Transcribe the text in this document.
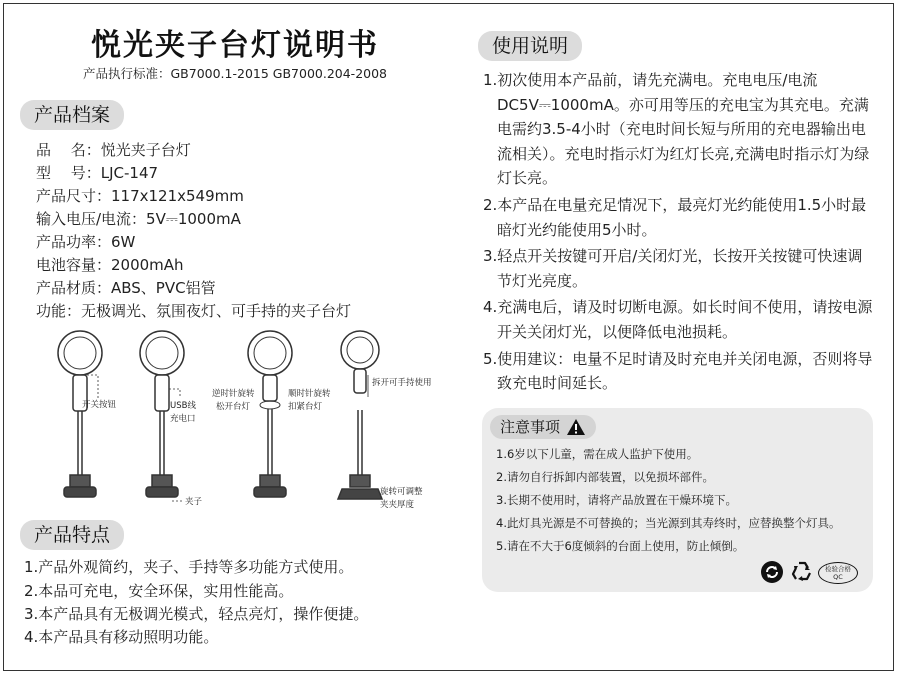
悦光夹子台灯说明书
产品执行标准：GB7000.1-2015 GB7000.204-2008
产品档案
品　 名：悦光夹子台灯
型　 号：LJC-147
产品尺寸：117x121x549mm
输入电压/电流：5V⎓1000mA
产品功率：6W
电池容量：2000mAh
产品材质：ABS、PVC铝管
功能：无极调光、氛围夜灯、可手持的夹子台灯
开关按钮	USB线
充电口
夹子
逆时针旋转
松开台灯
顺时针旋转
扣紧台灯
拆开可手持使用
旋转可调整
夹夹厚度
产品特点
1.产品外观简约，夹子、手持等多功能方式使用。
2.本品可充电，安全环保，实用性能高。
3.本产品具有无极调光模式，轻点亮灯，操作便捷。
4.本产品具有移动照明功能。
使用说明

1.初次使用本产品前，请先充满电。充电电压/电流DC5V⎓1000mA。亦可用等压的充电宝为其充电。充满电需约3.5-4小时（充电时间长短与所用的充电器输出电流相关）。充电时指示灯为红灯长亮,充满电时指示灯为绿灯长亮。

2.本产品在电量充足情况下，最亮灯光约能使用1.5小时最暗灯光约能使用5小时。

3.轻点开关按键可开启/关闭灯光，长按开关按键可快速调节灯光亮度。

4.充满电后，请及时切断电源。如长时间不使用，请按电源开关关闭灯光，以便降低电池损耗。

5.使用建议：电量不足时请及时充电并关闭电源，否则将导致充电时间延长。

注意事项
1.6岁以下儿童，需在成人监护下使用。
2.请勿自行拆卸内部装置，以免损坏部件。
3.长期不使用时，请将产品放置在干燥环境下。
4.此灯具光源是不可替换的；当光源到其寿终时，应替换整个灯具。
5.请在不大于6度倾斜的台面上使用，防止倾倒。
检验合格
QC
